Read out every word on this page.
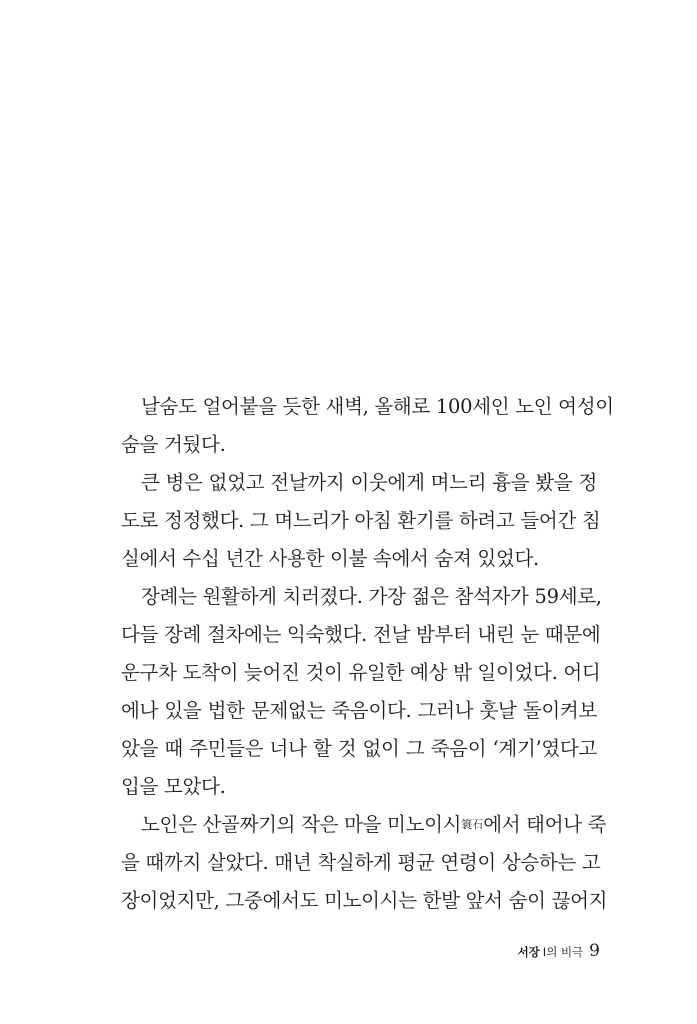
날숨도 얼어붙을 듯한 새벽, 올해로 100세인 노인 여성이
숨을 거뒀다.
큰 병은 없었고 전날까지 이웃에게 며느리 흉을 봤을 정
도로 정정했다. 그 며느리가 아침 환기를 하려고 들어간 침
실에서 수십 년간 사용한 이불 속에서 숨져 있었다.
장례는 원활하게 치러졌다. 가장 젊은 참석자가 59세로,
다들 장례 절차에는 익숙했다. 전날 밤부터 내린 눈 때문에
운구차 도착이 늦어진 것이 유일한 예상 밖 일이었다. 어디
에나 있을 법한 문제없는 죽음이다. 그러나 훗날 돌이켜보
았을 때 주민들은 너나 할 것 없이 그 죽음이 ‘계기’였다고
입을 모았다.
노인은 산골짜기의 작은 마을 미노이시簑石에서 태어나 죽
을 때까지 살았다. 매년 착실하게 평균 연령이 상승하는 고
장이었지만, 그중에서도 미노이시는 한발 앞서 숨이 끊어지
서장 I의 비극 9
